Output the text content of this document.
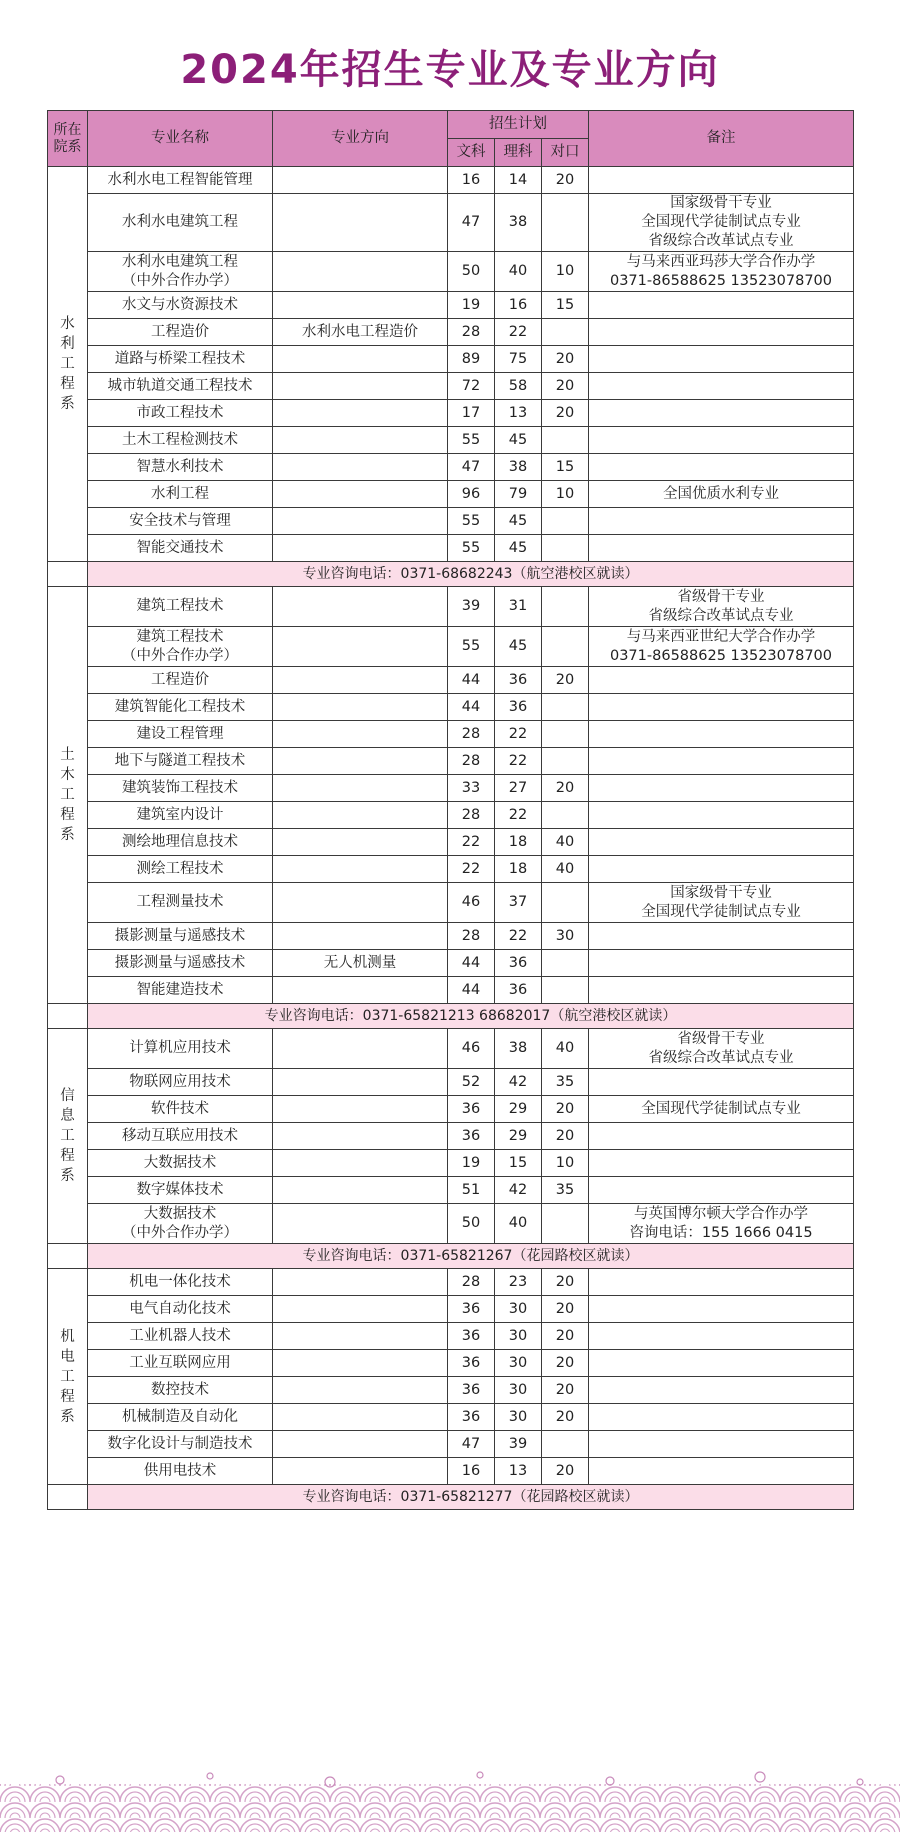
2024年招生专业及专业方向
所在院系	专业名称	专业方向	招生计划			备注
			文科	理科	对口	
水利工程系	水利水电工程智能管理		16	14	20	
	水利水电建筑工程		47	38		国家级骨干专业
全国现代学徒制试点专业
省级综合改革试点专业
	水利水电建筑工程
（中外合作办学）		50	40	10	与马来西亚玛莎大学合作办学
0371-86588625 13523078700
	水文与水资源技术		19	16	15	
	工程造价	水利水电工程造价	28	22		
	道路与桥梁工程技术		89	75	20	
	城市轨道交通工程技术		72	58	20	
	市政工程技术		17	13	20	
	土木工程检测技术		55	45		
	智慧水利技术		47	38	15	
	水利工程		96	79	10	全国优质水利专业
	安全技术与管理		55	45		
	智能交通技术		55	45		
	专业咨询电话：0371-68682243（航空港校区就读）					
土木工程系	建筑工程技术		39	31		省级骨干专业
省级综合改革试点专业
	建筑工程技术
（中外合作办学）		55	45		与马来西亚世纪大学合作办学
0371-86588625 13523078700
	工程造价		44	36	20	
	建筑智能化工程技术		44	36		
	建设工程管理		28	22		
	地下与隧道工程技术		28	22		
	建筑装饰工程技术		33	27	20	
	建筑室内设计		28	22		
	测绘地理信息技术		22	18	40	
	测绘工程技术		22	18	40	
	工程测量技术		46	37		国家级骨干专业
全国现代学徒制试点专业
	摄影测量与遥感技术		28	22	30	
	摄影测量与遥感技术	无人机测量	44	36		
	智能建造技术		44	36		
	专业咨询电话：0371-65821213 68682017（航空港校区就读）					
信息工程系	计算机应用技术		46	38	40	省级骨干专业
省级综合改革试点专业
	物联网应用技术		52	42	35	
	软件技术		36	29	20	全国现代学徒制试点专业
	移动互联应用技术		36	29	20	
	大数据技术		19	15	10	
	数字媒体技术		51	42	35	
	大数据技术
（中外合作办学）		50	40		与英国博尔顿大学合作办学
咨询电话：155 1666 0415
	专业咨询电话：0371-65821267（花园路校区就读）					
机电工程系	机电一体化技术		28	23	20	
	电气自动化技术		36	30	20	
	工业机器人技术		36	30	20	
	工业互联网应用		36	30	20	
	数控技术		36	30	20	
	机械制造及自动化		36	30	20	
	数字化设计与制造技术		47	39		
	供用电技术		16	13	20	
	专业咨询电话：0371-65821277（花园路校区就读）					
